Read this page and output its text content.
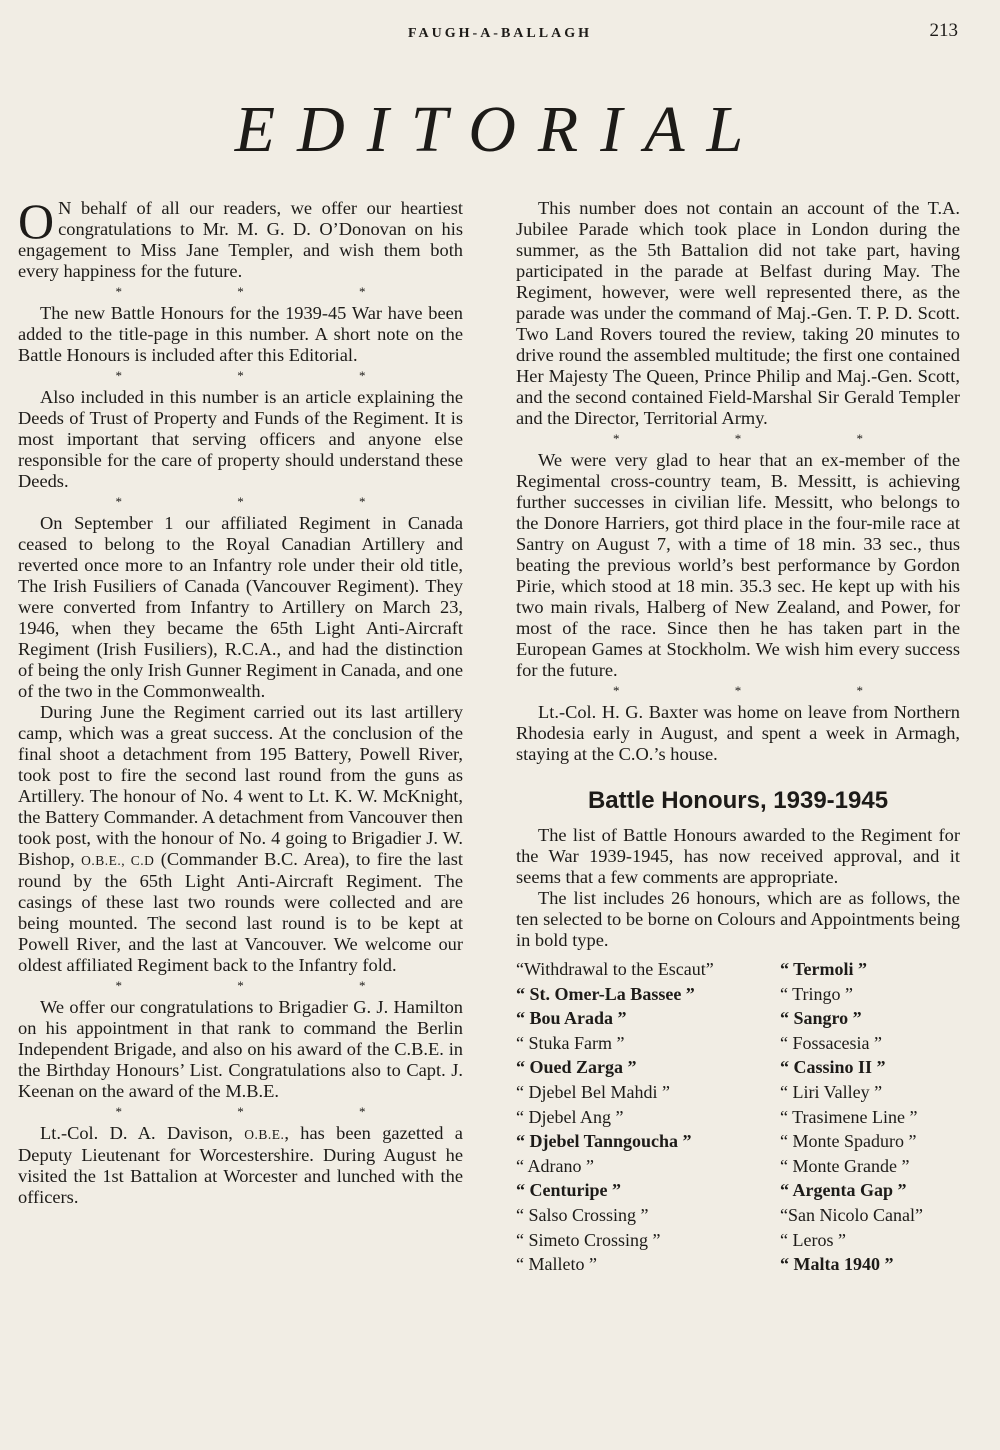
FAUGH-A-BALLAGH	213
EDITORIAL

O N behalf of all our readers, we offer our heartiest congratulations to Mr. M. G. D. O’Donovan on his engagement to Miss Jane Templer, and wish them both every happiness for the future.

* * *

The new Battle Honours for the 1939-45 War have been added to the title-page in this number. A short note on the Battle Honours is included after this Editorial.

* * *

Also included in this number is an article explaining the Deeds of Trust of Property and Funds of the Regiment. It is most important that serving officers and anyone else responsible for the care of property should understand these Deeds.

* * *

On September 1 our affiliated Regiment in Canada ceased to belong to the Royal Canadian Artillery and reverted once more to an Infantry role under their old title, The Irish Fusiliers of Canada (Vancouver Regiment). They were converted from Infantry to Artillery on March 23, 1946, when they became the 65th Light Anti-Aircraft Regiment (Irish Fusiliers), R.C.A., and had the distinction of being the only Irish Gunner Regiment in Canada, and one of the two in the Commonwealth.

During June the Regiment carried out its last artillery camp, which was a great success. At the conclusion of the final shoot a detachment from 195 Battery, Powell River, took post to fire the second last round from the guns as Artillery. The honour of No. 4 went to Lt. K. W. McKnight, the Battery Commander. A detachment from Vancouver then took post, with the honour of No. 4 going to Brigadier J. W. Bishop, O.B.E., C.D (Commander B.C. Area), to fire the last round by the 65th Light Anti-Aircraft Regiment. The casings of these last two rounds were collected and are being mounted. The second last round is to be kept at Powell River, and the last at Vancouver. We welcome our oldest affiliated Regiment back to the Infantry fold.

* * *

We offer our congratulations to Brigadier G. J. Hamilton on his appointment in that rank to command the Berlin Independent Brigade, and also on his award of the C.B.E. in the Birthday Honours’ List. Congratulations also to Capt. J. Keenan on the award of the M.B.E.

* * *

Lt.-Col. D. A. Davison, O.B.E., has been gazetted a Deputy Lieutenant for Worcestershire. During August he visited the 1st Battalion at Worcester and lunched with the officers.

This number does not contain an account of the T.A. Jubilee Parade which took place in London during the summer, as the 5th Battalion did not take part, having participated in the parade at Belfast during May. The Regiment, however, were well represented there, as the parade was under the command of Maj.-Gen. T. P. D. Scott. Two Land Rovers toured the review, taking 20 minutes to drive round the assembled multitude; the first one contained Her Majesty The Queen, Prince Philip and Maj.-Gen. Scott, and the second contained Field-Marshal Sir Gerald Templer and the Director, Territorial Army.

* * *

We were very glad to hear that an ex-member of the Regimental cross-country team, B. Messitt, is achieving further successes in civilian life. Messitt, who belongs to the Donore Harriers, got third place in the four-mile race at Santry on August 7, with a time of 18 min. 33 sec., thus beating the previous world’s best performance by Gordon Pirie, which stood at 18 min. 35.3 sec. He kept up with his two main rivals, Halberg of New Zealand, and Power, for most of the race. Since then he has taken part in the European Games at Stockholm. We wish him every success for the future.

* * *

Lt.-Col. H. G. Baxter was home on leave from Northern Rhodesia early in August, and spent a week in Armagh, staying at the C.O.’s house.

Battle Honours, 1939-1945

The list of Battle Honours awarded to the Regiment for the War 1939-1945, has now received approval, and it seems that a few comments are appropriate.

The list includes 26 honours, which are as follows, the ten selected to be borne on Colours and Appointments being in bold type.

“Withdrawal to the Escaut”
“ St. Omer-La Bassee ”
“ Bou Arada ”
“ Stuka Farm ”
“ Oued Zarga ”
“ Djebel Bel Mahdi ”
“ Djebel Ang ”
“ Djebel Tanngoucha ”
“ Adrano ”
“ Centuripe ”
“ Salso Crossing ”
“ Simeto Crossing ”
“ Malleto ”
“ Termoli ”
“ Tringo ”
“ Sangro ”
“ Fossacesia ”
“ Cassino II ”
“ Liri Valley ”
“ Trasimene Line ”
“ Monte Spaduro ”
“ Monte Grande ”
“ Argenta Gap ”
“San Nicolo Canal”
“ Leros ”
“ Malta 1940 ”
